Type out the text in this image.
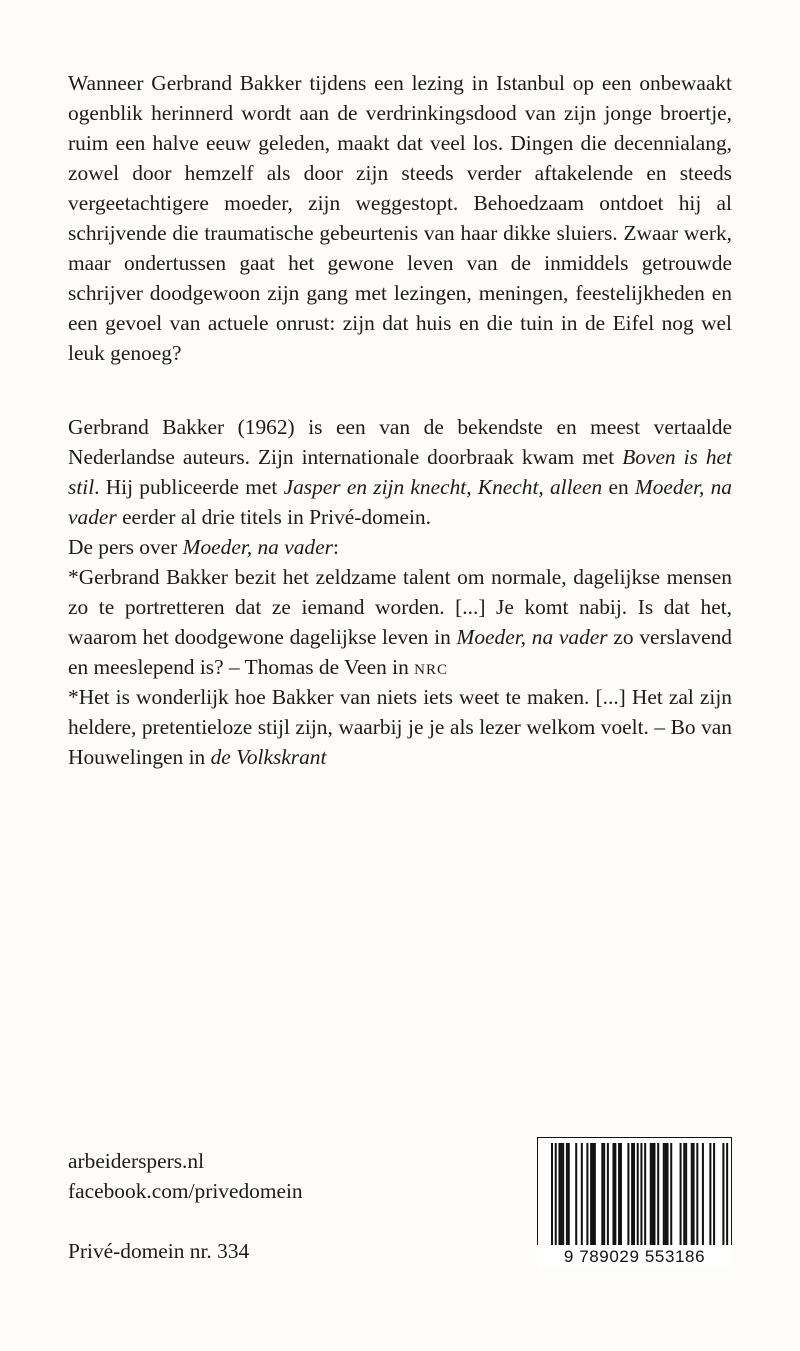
Wanneer Gerbrand Bakker tijdens een lezing in Istanbul op een onbewaakt ogenblik herinnerd wordt aan de verdrinkingsdood van zijn jonge broertje, ruim een halve eeuw geleden, maakt dat veel los. Dingen die decennialang, zowel door hemzelf als door zijn steeds verder aftakelende en steeds vergeetachtigere moeder, zijn weggestopt. Behoedzaam ontdoet hij al schrijvende die traumatische gebeurtenis van haar dikke sluiers. Zwaar werk, maar ondertussen gaat het gewone leven van de inmiddels getrouwde schrijver doodgewoon zijn gang met lezingen, meningen, feestelijkheden en een gevoel van actuele onrust: zijn dat huis en die tuin in de Eifel nog wel leuk genoeg?

Gerbrand Bakker (1962) is een van de bekendste en meest vertaalde Nederlandse auteurs. Zijn internationale doorbraak kwam met Boven is het stil. Hij publiceerde met Jasper en zijn knecht, Knecht, alleen en Moeder, na vader eerder al drie titels in Privé-domein.

De pers over Moeder, na vader:
*Gerbrand Bakker bezit het zeldzame talent om normale, dagelijkse mensen zo te portretteren dat ze iemand worden. [...] Je komt nabij. Is dat het, waarom het doodgewone dagelijkse leven in Moeder, na vader zo verslavend en meeslepend is? – Thomas de Veen in nrc
*Het is wonderlijk hoe Bakker van niets iets weet te maken. [...] Het zal zijn heldere, pretentieloze stijl zijn, waarbij je je als lezer welkom voelt. – Bo van Houwelingen in de Volkskrant
arbeiderspers.nl
facebook.com/privedomein
Privé-domein nr. 334	9 789029 553186
